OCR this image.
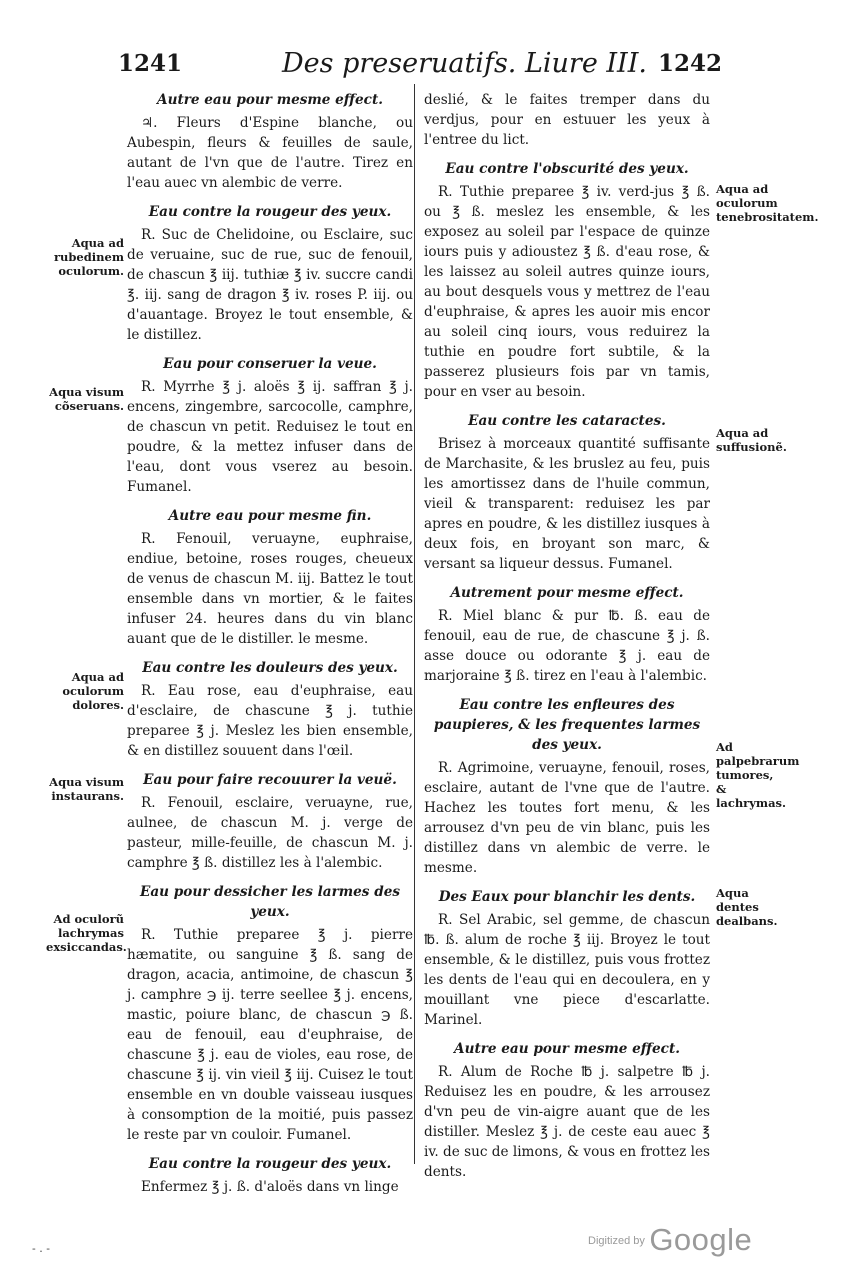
1241	Des preseruatifs. Liure III. 1242
Autre eau pour mesme effect.
♃. Fleurs d'Espine blanche, ou Aubespin, fleurs & feuilles de saule, autant de l'vn que de l'autre. Tirez en l'eau auec vn alembic de verre.
Eau contre la rougeur des yeux.
R. Suc de Chelidoine, ou Esclaire, suc de veruaine, suc de rue, suc de fenouil, de chascun ℥ iij. tuthiæ ℥ iv. succre candi ℥. iij. sang de dragon ℥ iv. roses P. iij. ou d'auantage. Broyez le tout ensemble, & le distillez.
Eau pour conseruer la veue.
R. Myrrhe ℥ j. aloës ℥ ij. saffran ℥ j. encens, zingembre, sarcocolle, camphre, de chascun vn petit. Reduisez le tout en poudre, & la mettez infuser dans de l'eau, dont vous vserez au besoin. Fumanel.
Autre eau pour mesme fin.
R. Fenouil, veruayne, euphraise, endiue, betoine, roses rouges, cheueux de venus de chascun M. iij. Battez le tout ensemble dans vn mortier, & le faites infuser 24. heures dans du vin blanc auant que de le distiller. le mesme.
Eau contre les douleurs des yeux.
R. Eau rose, eau d'euphraise, eau d'esclaire, de chascune ℥ j. tuthie preparee ℥ j. Meslez les bien ensemble, & en distillez souuent dans l'œil.
Eau pour faire recouurer la veuë.
R. Fenouil, esclaire, veruayne, rue, aulnee, de chascun M. j. verge de pasteur, mille-feuille, de chascun M. j. camphre ℥ ß. distillez les à l'alembic.
Eau pour dessicher les larmes des yeux.
R. Tuthie preparee ℥ j. pierre hæmatite, ou sanguine ℥ ß. sang de dragon, acacia, antimoine, de chascun ℥ j. camphre ℈ ij. terre seellee ℥ j. encens, mastic, poiure blanc, de chascun ℈ ß. eau de fenouil, eau d'euphraise, de chascune ℥ j. eau de violes, eau rose, de chascune ℥ ij. vin vieil ℥ iij. Cuisez le tout ensemble en vn double vaisseau iusques à consomption de la moitié, puis passez le reste par vn couloir. Fumanel.
Eau contre la rougeur des yeux.
Enfermez ℥ j. ß. d'aloës dans vn linge
deslié, & le faites tremper dans du verdjus, pour en estuuer les yeux à l'entree du lict.
Eau contre l'obscurité des yeux.
R. Tuthie preparee ℥ iv. verd-jus ℥ ß. ou ℥ ß. meslez les ensemble, & les exposez au soleil par l'espace de quinze iours puis y adioustez ℥ ß. d'eau rose, & les laissez au soleil autres quinze iours, au bout desquels vous y mettrez de l'eau d'euphraise, & apres les auoir mis encor au soleil cinq iours, vous reduirez la tuthie en poudre fort subtile, & la passerez plusieurs fois par vn tamis, pour en vser au besoin.
Eau contre les cataractes.
Brisez à morceaux quantité suffisante de Marchasite, & les bruslez au feu, puis les amortissez dans de l'huile commun, vieil & transparent: reduisez les par apres en poudre, & les distillez iusques à deux fois, en broyant son marc, & versant sa liqueur dessus. Fumanel.
Autrement pour mesme effect.
R. Miel blanc & pur ℔. ß. eau de fenouil, eau de rue, de chascune ℥ j. ß. asse douce ou odorante ℥ j. eau de marjoraine ℥ ß. tirez en l'eau à l'alembic.
Eau contre les enfleures des paupieres, & les frequentes larmes des yeux.
R. Agrimoine, veruayne, fenouil, roses, esclaire, autant de l'vne que de l'autre. Hachez les toutes fort menu, & les arrousez d'vn peu de vin blanc, puis les distillez dans vn alembic de verre. le mesme.
Des Eaux pour blanchir les dents.
R. Sel Arabic, sel gemme, de chascun ℔. ß. alum de roche ℥ iij. Broyez le tout ensemble, & le distillez, puis vous frottez les dents de l'eau qui en decoulera, en y mouillant vne piece d'escarlatte. Marinel.
Autre eau pour mesme effect.
R. Alum de Roche ℔ j. salpetre ℔ j. Reduisez les en poudre, & les arrousez d'vn peu de vin-aigre auant que de les distiller. Meslez ℥ j. de ceste eau auec ℥ iv. de suc de limons, & vous en frottez les dents.
Aqua ad rubedinem oculorum.
Aqua visum cõseruans.
Aqua ad oculorum dolores.
Aqua visum instaurans.
Ad oculorũ lachrymas exsiccandas.
Aqua ad oculorum tenebrositatem.
Aqua ad suffusionẽ.
Ad palpebrarum tumores, & lachrymas.
Aqua dentes dealbans.
- . -
$^{Digitized by}$ Google
